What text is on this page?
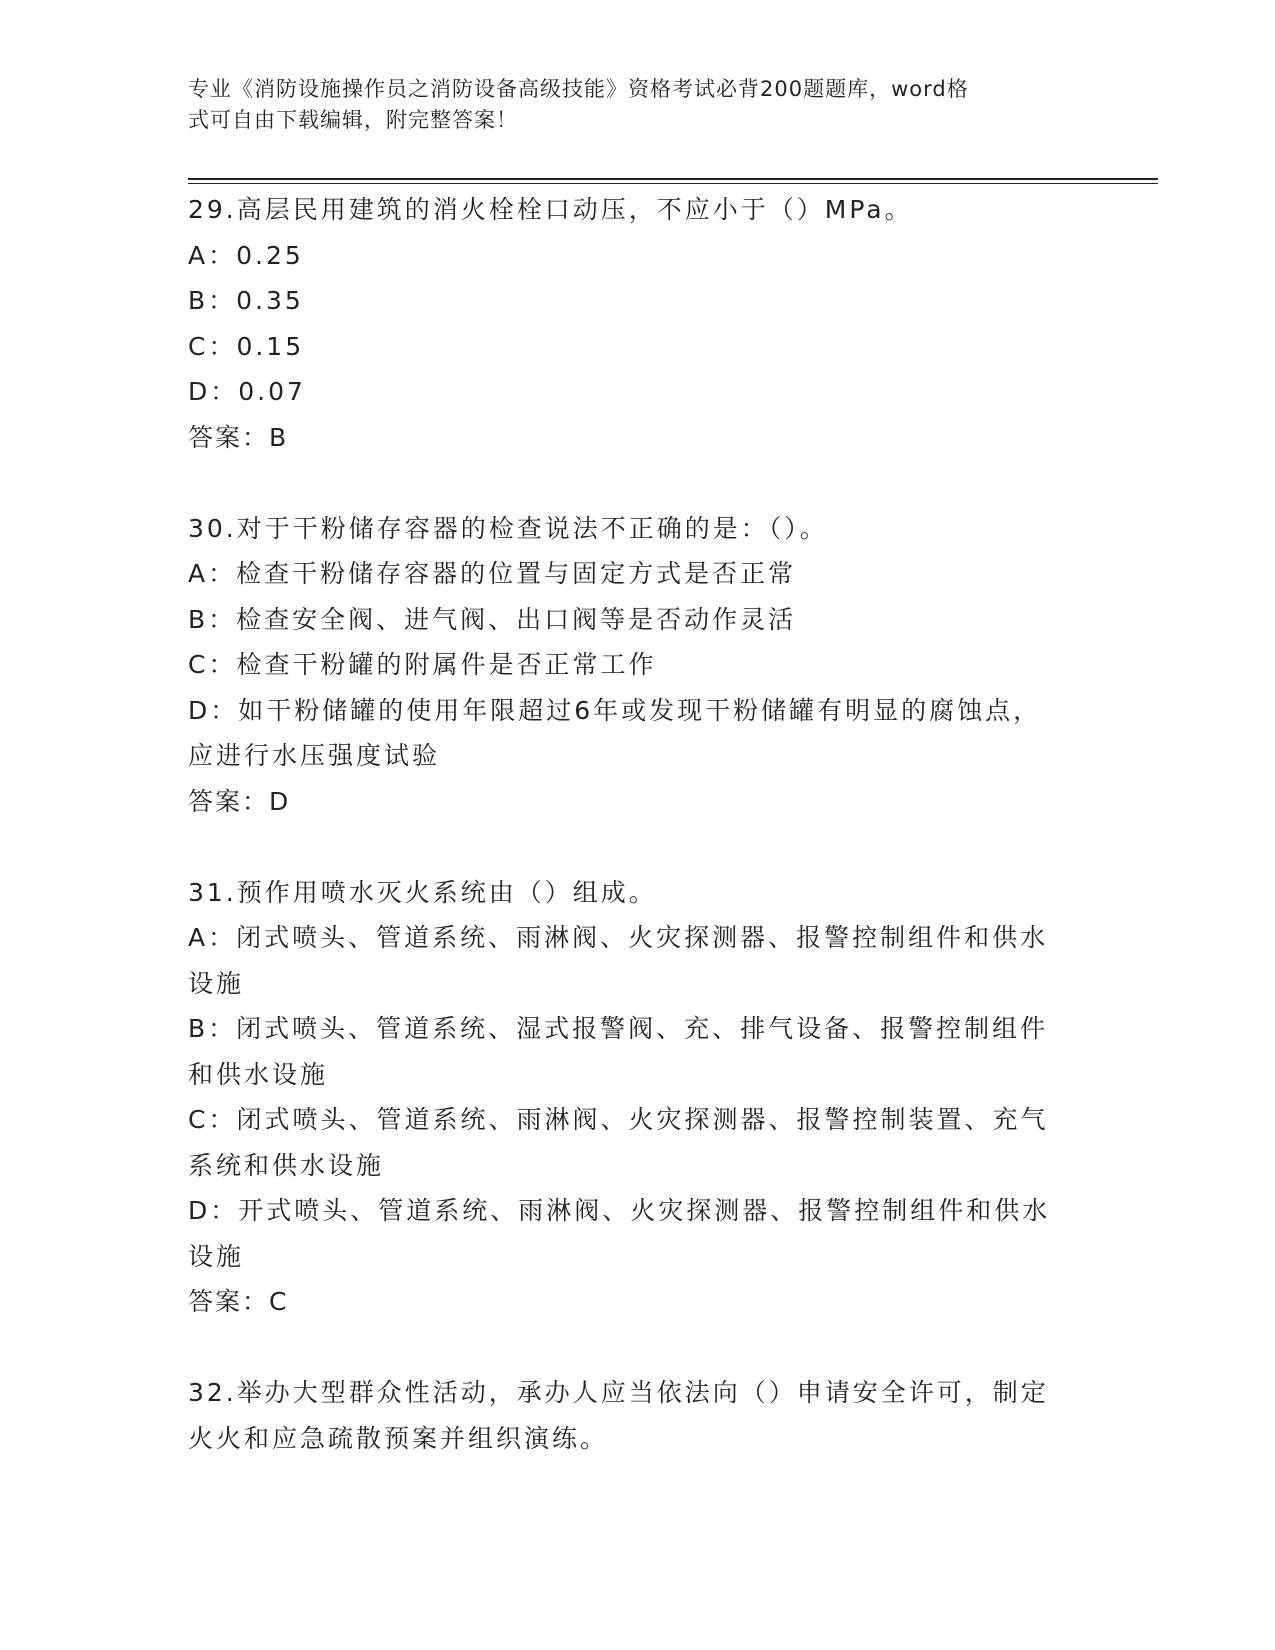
专业《消防设施操作员之消防设备高级技能》资格考试必背200题题库，word格
式可自由下载编辑，附完整答案！
29.高层民用建筑的消火栓栓口动压，不应小于（）MPa。
A：0.25
B：0.35
C：0.15
D：0.07
答案：B
30.对于干粉储存容器的检查说法不正确的是：（）。
A：检查干粉储存容器的位置与固定方式是否正常
B：检查安全阀、进气阀、出口阀等是否动作灵活
C：检查干粉罐的附属件是否正常工作
D：如干粉储罐的使用年限超过6年或发现干粉储罐有明显的腐蚀点，
应进行水压强度试验
答案：D
31.预作用喷水灭火系统由（）组成。
A：闭式喷头、管道系统、雨淋阀、火灾探测器、报警控制组件和供水
设施
B：闭式喷头、管道系统、湿式报警阀、充、排气设备、报警控制组件
和供水设施
C：闭式喷头、管道系统、雨淋阀、火灾探测器、报警控制装置、充气
系统和供水设施
D：开式喷头、管道系统、雨淋阀、火灾探测器、报警控制组件和供水
设施
答案：C
32.举办大型群众性活动，承办人应当依法向（）申请安全许可，制定
火火和应急疏散预案并组织演练。
